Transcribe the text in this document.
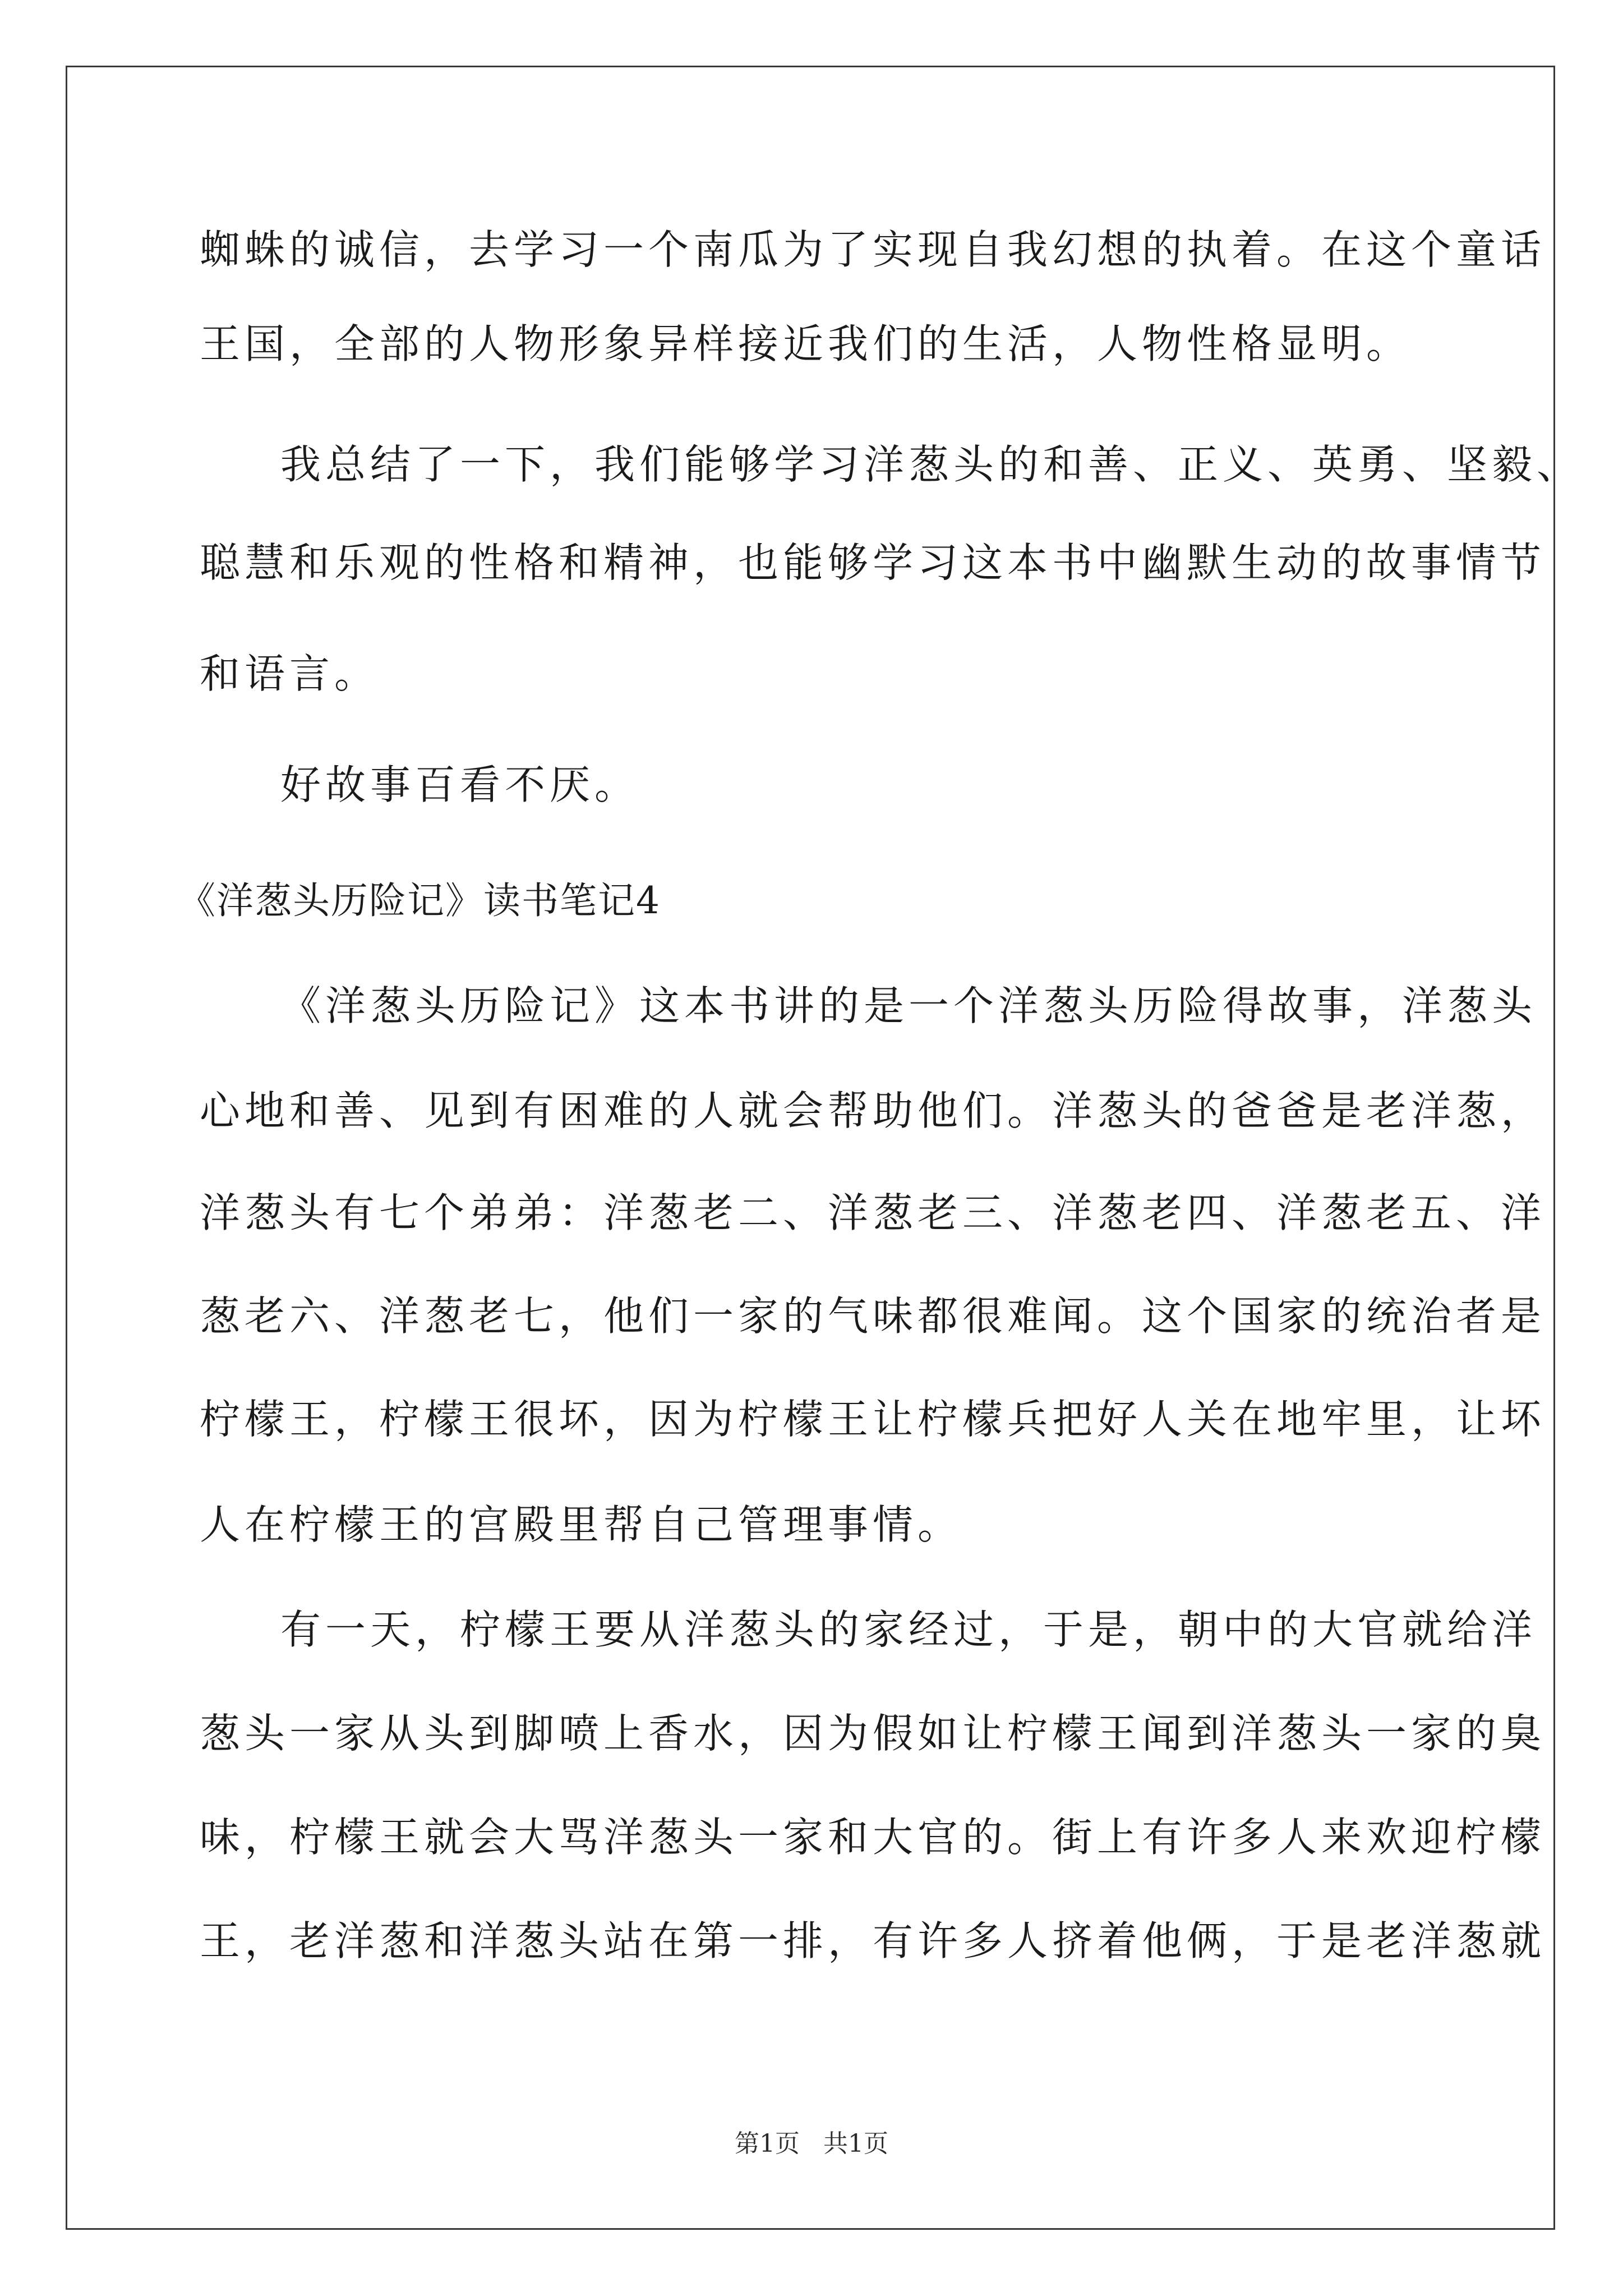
蜘蛛的诚信，去学习一个南瓜为了实现自我幻想的执着。在这个童话
王国，全部的人物形象异样接近我们的生活，人物性格显明。
我总结了一下，我们能够学习洋葱头的和善、正义、英勇、坚毅、
聪慧和乐观的性格和精神，也能够学习这本书中幽默生动的故事情节
和语言。
好故事百看不厌。
《洋葱头历险记》读书笔记4
《洋葱头历险记》这本书讲的是一个洋葱头历险得故事，洋葱头
心地和善、见到有困难的人就会帮助他们。洋葱头的爸爸是老洋葱，
洋葱头有七个弟弟：洋葱老二、洋葱老三、洋葱老四、洋葱老五、洋
葱老六、洋葱老七，他们一家的气味都很难闻。这个国家的统治者是
柠檬王，柠檬王很坏，因为柠檬王让柠檬兵把好人关在地牢里，让坏
人在柠檬王的宫殿里帮自己管理事情。
有一天，柠檬王要从洋葱头的家经过，于是，朝中的大官就给洋
葱头一家从头到脚喷上香水，因为假如让柠檬王闻到洋葱头一家的臭
味，柠檬王就会大骂洋葱头一家和大官的。街上有许多人来欢迎柠檬
王，老洋葱和洋葱头站在第一排，有许多人挤着他俩，于是老洋葱就
第1页 共1页
